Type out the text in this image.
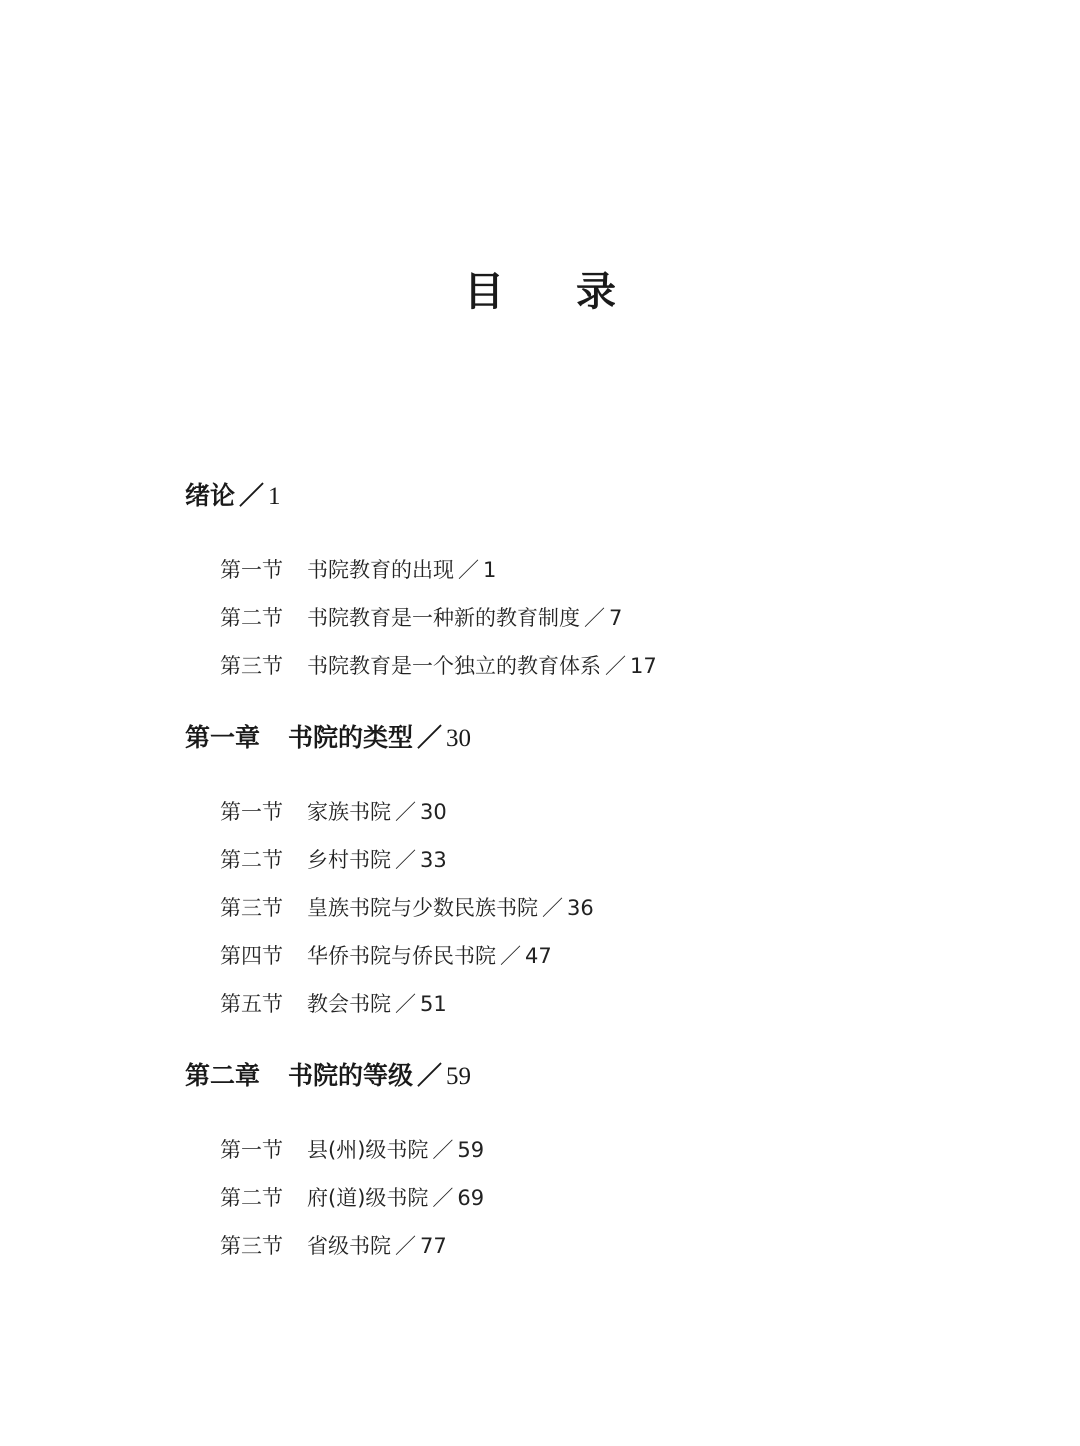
目 录
绪论 ／ 1
第一节 书院教育的出现 ／ 1
第二节 书院教育是一种新的教育制度 ／ 7
第三节 书院教育是一个独立的教育体系 ／ 17
第一章 书院的类型 ／ 30
第一节 家族书院 ／ 30
第二节 乡村书院 ／ 33
第三节 皇族书院与少数民族书院 ／ 36
第四节 华侨书院与侨民书院 ／ 47
第五节 教会书院 ／ 51
第二章 书院的等级 ／ 59
第一节 县(州)级书院 ／ 59
第二节 府(道)级书院 ／ 69
第三节 省级书院 ／ 77
